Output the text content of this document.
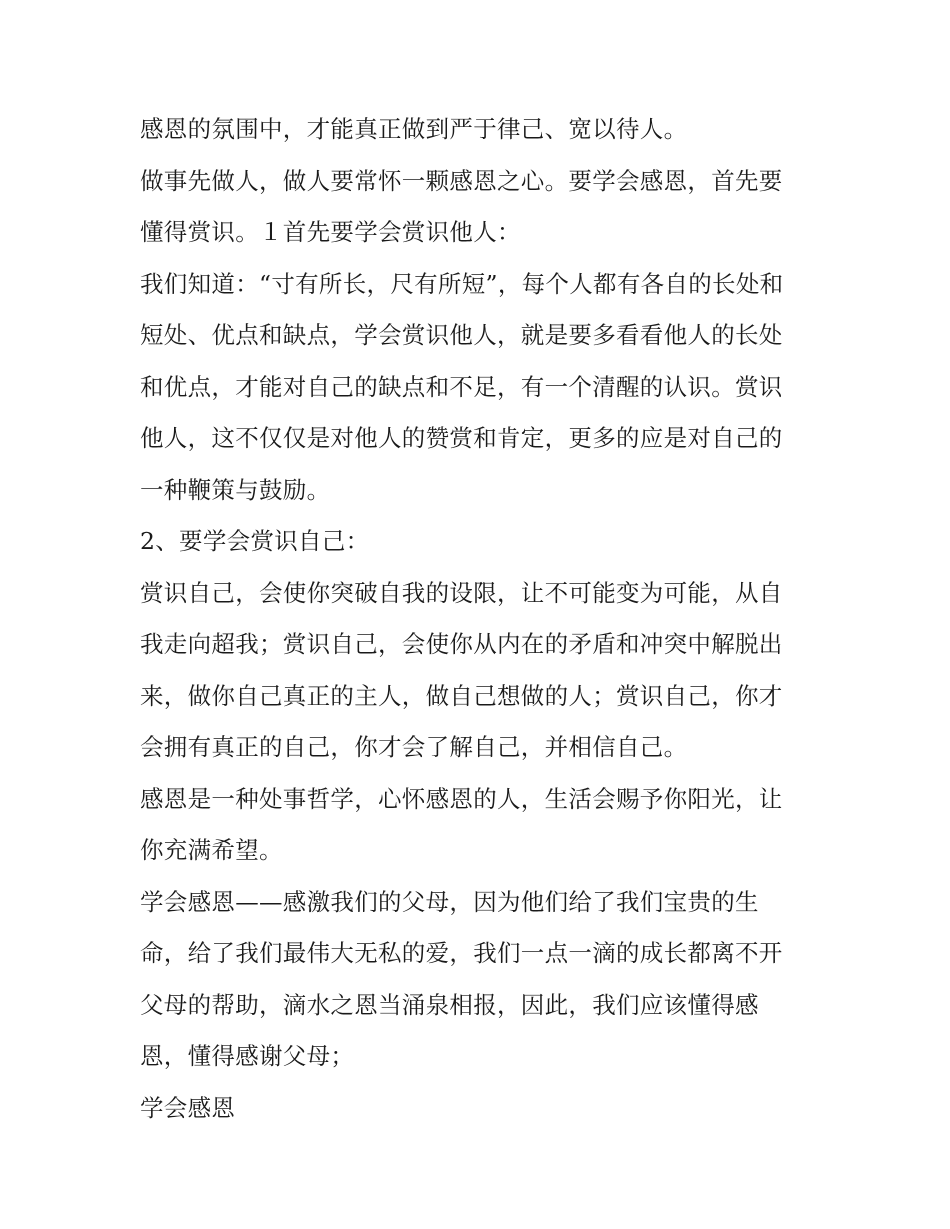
感恩的氛围中，才能真正做到严于律己、宽以待人。

做事先做人，做人要常怀一颗感恩之心。要学会感恩，首先要

懂得赏识。１首先要学会赏识他人：

我们知道：“寸有所长，尺有所短”，每个人都有各自的长处和

短处、优点和缺点，学会赏识他人，就是要多看看他人的长处

和优点，才能对自己的缺点和不足，有一个清醒的认识。赏识

他人，这不仅仅是对他人的赞赏和肯定，更多的应是对自己的

一种鞭策与鼓励。

2、要学会赏识自己：

赏识自己，会使你突破自我的设限，让不可能变为可能，从自

我走向超我；赏识自己，会使你从内在的矛盾和冲突中解脱出

来，做你自己真正的主人，做自己想做的人；赏识自己，你才

会拥有真正的自己，你才会了解自己，并相信自己。

感恩是一种处事哲学，心怀感恩的人，生活会赐予你阳光，让

你充满希望。

学会感恩——感激我们的父母，因为他们给了我们宝贵的生

命，给了我们最伟大无私的爱，我们一点一滴的成长都离不开

父母的帮助，滴水之恩当涌泉相报，因此，我们应该懂得感

恩，懂得感谢父母；

学会感恩
